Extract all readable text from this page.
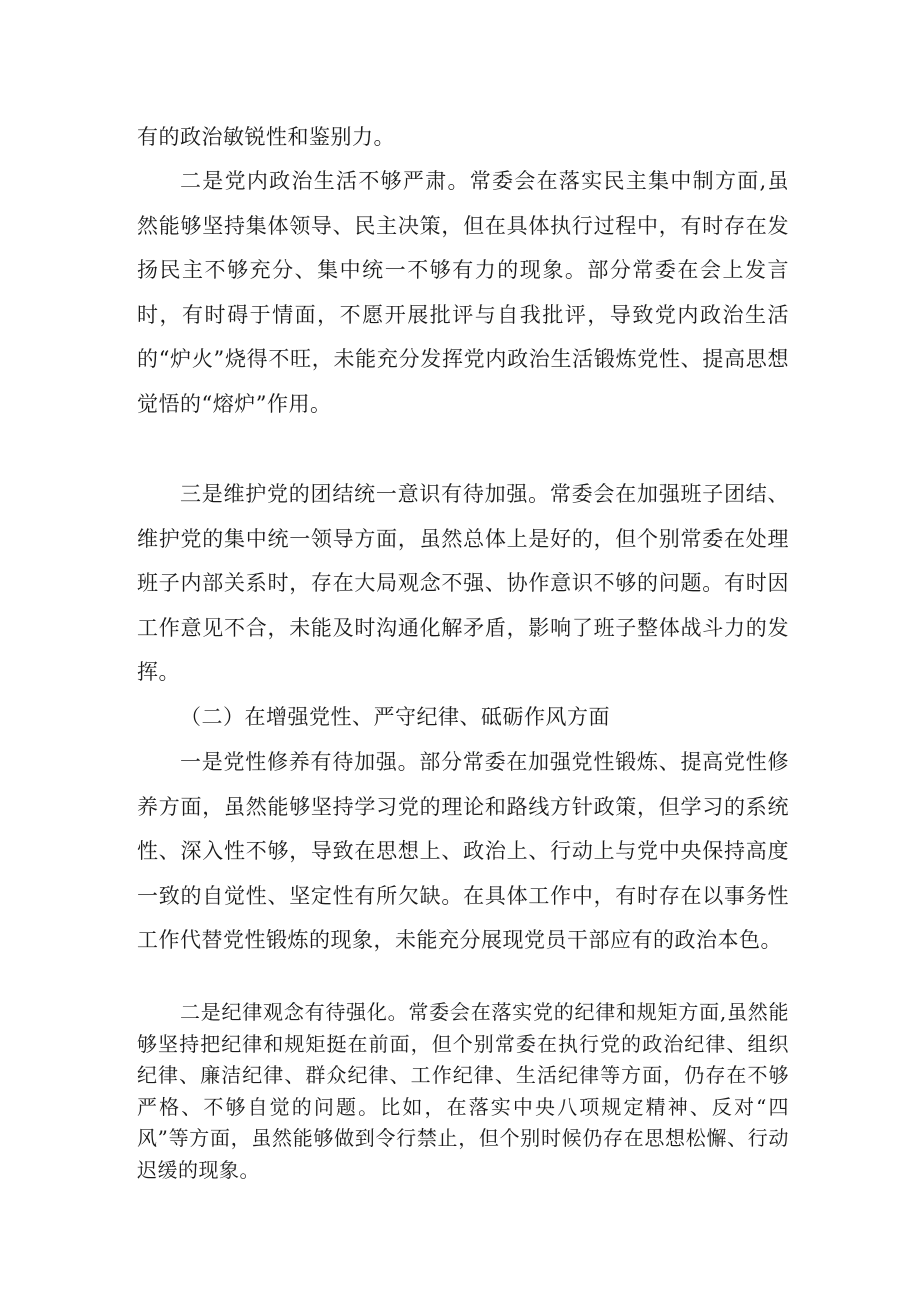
有的政治敏锐性和鉴别力。

二是党内政治生活不够严肃。常委会在落实民主集中制方面,虽然能够坚持集体领导、民主决策，但在具体执行过程中，有时存在发扬民主不够充分、集中统一不够有力的现象。部分常委在会上发言时，有时碍于情面，不愿开展批评与自我批评，导致党内政治生活的“炉火”烧得不旺，未能充分发挥党内政治生活锻炼党性、提高思想觉悟的“熔炉”作用。

三是维护党的团结统一意识有待加强。常委会在加强班子团结、维护党的集中统一领导方面，虽然总体上是好的，但个别常委在处理班子内部关系时，存在大局观念不强、协作意识不够的问题。有时因工作意见不合，未能及时沟通化解矛盾，影响了班子整体战斗力的发挥。

（二）在增强党性、严守纪律、砥砺作风方面

一是党性修养有待加强。部分常委在加强党性锻炼、提高党性修养方面，虽然能够坚持学习党的理论和路线方针政策，但学习的系统性、深入性不够，导致在思想上、政治上、行动上与党中央保持高度一致的自觉性、坚定性有所欠缺。在具体工作中，有时存在以事务性工作代替党性锻炼的现象，未能充分展现党员干部应有的政治本色。

二是纪律观念有待强化。常委会在落实党的纪律和规矩方面,虽然能够坚持把纪律和规矩挺在前面，但个别常委在执行党的政治纪律、组织纪律、廉洁纪律、群众纪律、工作纪律、生活纪律等方面，仍存在不够严格、不够自觉的问题。比如，在落实中央八项规定精神、反对“四风”等方面，虽然能够做到令行禁止，但个别时候仍存在思想松懈、行动迟缓的现象。
